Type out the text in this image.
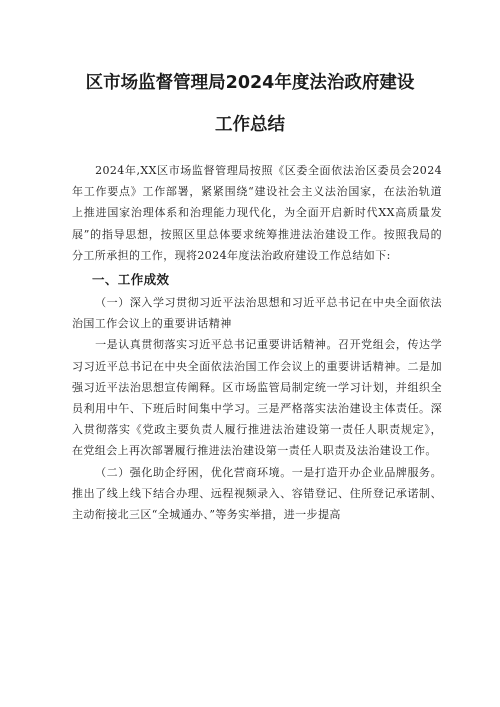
区市场监督管理局2024年度法治政府建设
工作总结

2024年,XX区市场监督管理局按照《区委全面依法治区委员会2024年工作要点》工作部署，紧紧围绕“建设社会主义法治国家，在法治轨道上推进国家治理体系和治理能力现代化，为全面开启新时代XX高质量发展”的指导思想，按照区里总体要求统筹推进法治建设工作。按照我局的分工所承担的工作，现将2024年度法治政府建设工作总结如下:

一、工作成效

（一）深入学习贯彻习近平法治思想和习近平总书记在中央全面依法治国工作会议上的重要讲话精神

一是认真贯彻落实习近平总书记重要讲话精神。召开党组会，传达学习习近平总书记在中央全面依法治国工作会议上的重要讲话精神。二是加强习近平法治思想宣传阐释。区市场监管局制定统一学习计划，并组织全员利用中午、下班后时间集中学习。三是严格落实法治建设主体责任。深入贯彻落实《党政主要负责人履行推进法治建设第一责任人职责规定》，在党组会上再次部署履行推进法治建设第一责任人职责及法治建设工作。

（二）强化助企纾困，优化营商环境。一是打造开办企业品牌服务。推出了线上线下结合办理、远程视频录入、容错登记、住所登记承诺制、主动衔接北三区“全城通办、”等务实举措，进一步提高
